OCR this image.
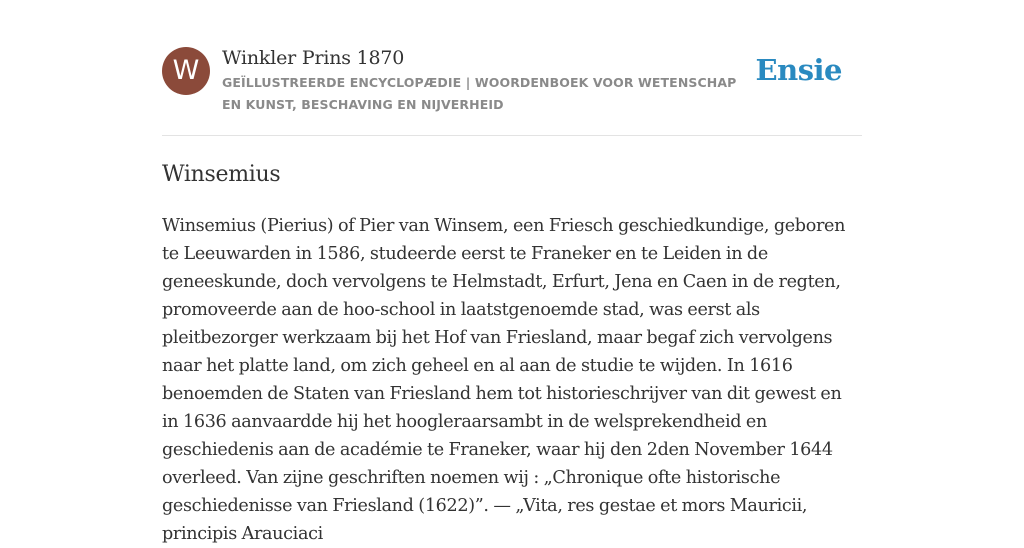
W	Winkler Prins 1870
GEÏLLUSTREERDE ENCYCLOPÆDIE | WOORDENBOEK VOOR WETENSCHAP EN KUNST, BESCHAVING EN NIJVERHEID
Ensie
Winsemius

Winsemius (Pierius) of Pier van Winsem, een Friesch geschiedkundige, geboren te Leeuwarden in 1586, studeerde eerst te Franeker en te Leiden in de geneeskunde, doch vervolgens te Helmstadt, Erfurt, Jena en Caen in de regten, promoveerde aan de hoo-school in laatstgenoemde stad, was eerst als pleitbezorger werkzaam bij het Hof van Friesland, maar begaf zich vervolgens naar het platte land, om zich geheel en al aan de studie te wijden. In 1616 benoemden de Staten van Friesland hem tot historieschrijver van dit gewest en in 1636 aanvaardde hij het hoogleraarsambt in de welsprekendheid en geschiedenis aan de académie te Franeker, waar hij den 2den November 1644 overleed. Van zijne geschriften noemen wij : „Chronique ofte historische geschiedenisse van Friesland (1622)”. — „Vita, res gestae et mors Mauricii, principis Arauciaci
